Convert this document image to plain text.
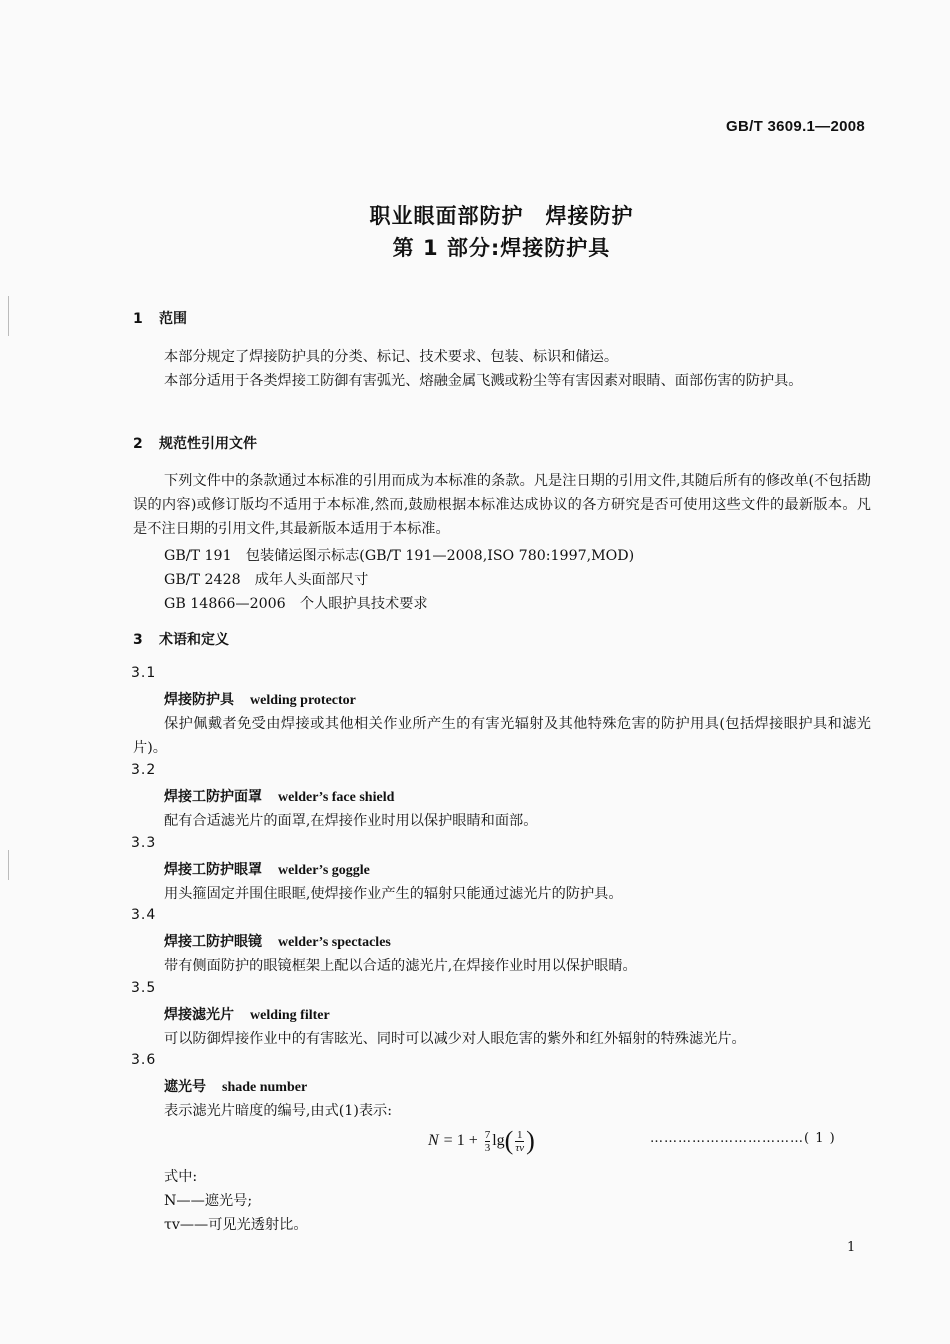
GB/T 3609.1—2008
职业眼面部防护　焊接防护
第 1 部分:焊接防护具
1 范围
本部分规定了焊接防护具的分类、标记、技术要求、包装、标识和储运。
本部分适用于各类焊接工防御有害弧光、熔融金属飞溅或粉尘等有害因素对眼睛、面部伤害的防护具。
2 规范性引用文件
下列文件中的条款通过本标准的引用而成为本标准的条款。凡是注日期的引用文件,其随后所有的修改单(不包括勘误的内容)或修订版均不适用于本标准,然而,鼓励根据本标准达成协议的各方研究是否可使用这些文件的最新版本。凡是不注日期的引用文件,其最新版本适用于本标准。
GB/T 191　包装储运图示标志(GB/T 191—2008,ISO 780:1997,MOD)
GB/T 2428　成年人头面部尺寸
GB 14866—2006　个人眼护具技术要求
3 术语和定义
3.1
焊接防护具 welding protector
保护佩戴者免受由焊接或其他相关作业所产生的有害光辐射及其他特殊危害的防护用具(包括焊接眼护具和滤光片)。
3.2
焊接工防护面罩 welder’s face shield
配有合适滤光片的面罩,在焊接作业时用以保护眼睛和面部。
3.3
焊接工防护眼罩 welder’s goggle
用头箍固定并围住眼眶,使焊接作业产生的辐射只能通过滤光片的防护具。
3.4
焊接工防护眼镜 welder’s spectacles
带有侧面防护的眼镜框架上配以合适的滤光片,在焊接作业时用以保护眼睛。
3.5
焊接滤光片 welding filter
可以防御焊接作业中的有害眩光、同时可以减少对人眼危害的紫外和红外辐射的特殊滤光片。
3.6
遮光号 shade number
表示滤光片暗度的编号,由式(1)表示:
$N = 1 + \frac{7}{3}$ lg ( $\frac{1}{\tau v}$ )	……………………………( 1 )
式中:
N——遮光号;
τv——可见光透射比。
1
